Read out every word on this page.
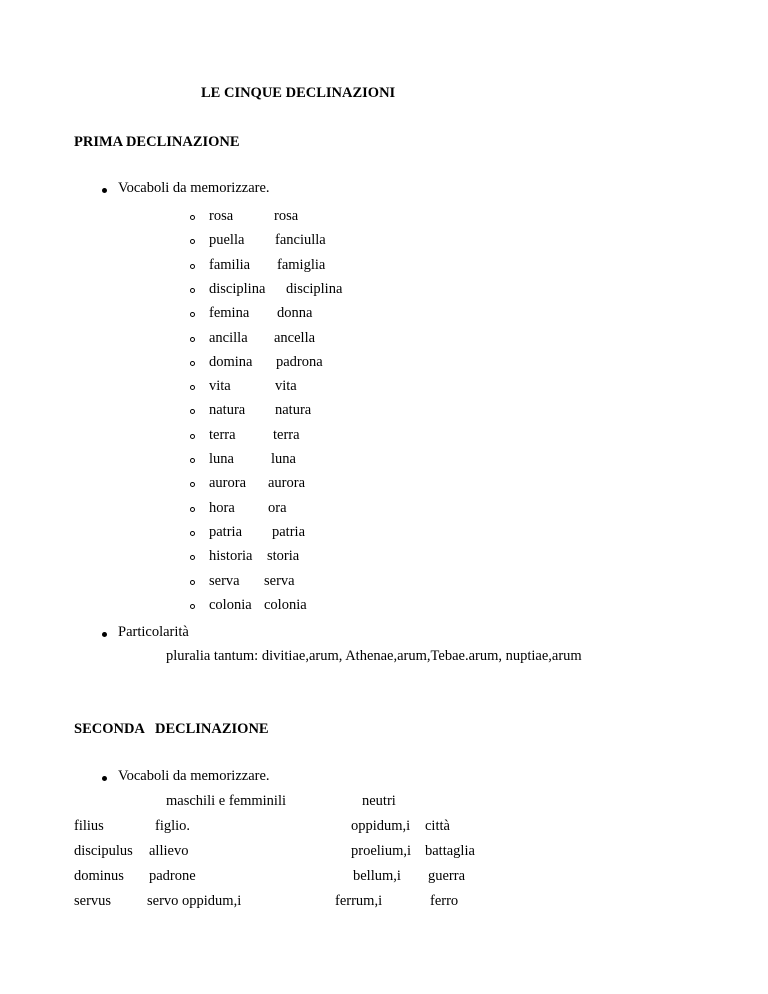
LE CINQUE DECLINAZIONI
PRIMA DECLINAZIONE
Vocaboli da memorizzare.
rosa	rosa
puella fanciulla
familia famiglia
disciplina disciplina
femina donna
ancilla ancella
domina padrona
vita	vita
natura natura
terra	terra
luna	luna
aurora aurora
hora ora
patria patria
historia storia
serva serva
colonia colonia
Particolarità
pluralia tantum: divitiae,arum, Athenae,arum,Tebae.arum, nuptiae,arum
SECONDA   DECLINAZIONE
Vocaboli da memorizzare.
maschili e femminili	neutri
filius	figlio.	oppidum,i città
discipulus allievo	proelium,i battaglia
dominus padrone	bellum,i guerra
servus servo oppidum,i	ferrum,i	ferro
